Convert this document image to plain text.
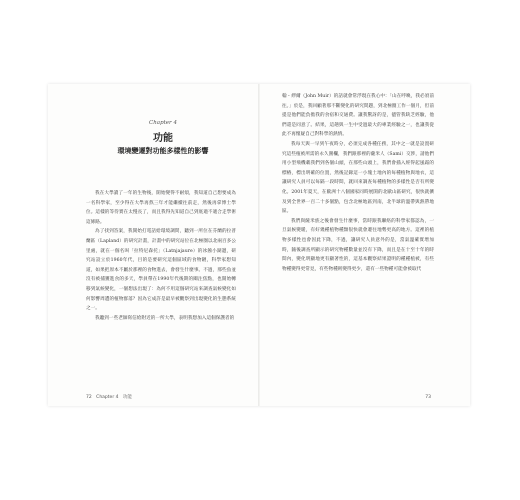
Chapter 4
功能
環境變遷對功能多樣性的影響

我在大學讀了一年的生物後，開始變得不耐煩，我知道自己想要成為一名科學家，至少得在大學再熬三年才能繼續往前走，然後再拿博士學位。這樣的等待實在太慢長了，而且我得先知道自己到底適不適合走學術這條路。

為了找到答案，我開始打電話給環境調問，聽到一所位在芬蘭的拉普蘭區（Lapland）的研究計畫，計畫中的研究站位在北極圈以北兩百多公里處，就在一個名叫「拉特尼森托」（Latnjajaure）的冰蝕小湖邊，研究站設立於1960年代，目的是要研究這個區域的食物鏈，科學家想知道，如果把原本不屬於那裡的食物進去，會發生什麼事。不過，那些魚並沒有被捕獲進食的多天，學員帶在1990年代後期的關注焦點，也開始轉移到氣候變化，一個想法出現了：為何不用這個研究站來調查氣候變化如何影響周遭的植物群落？因為它成許是最早被觀察到出現變化的生態系統之一。

我聽到一些老師寫信給附近的一所大學，表明我想加入這個保護者的

72 Chapter 4 功能

翰・繆爾（John Muir）的話就會常浮現在我心中：「山在呼喚，我必須前往。」於是，我回顧著那不斷變化的研究問題，到北極圈工作一個月，但前提是他們能負擔我的食宿和交通費。讓我驚訝的是，儘管我缺乏經驗，他們還是同意了。結果，這趟與一生中受過最大的專業經驗之一，也讓我從此不再懷疑自己對科學的熱情。

我每天與一早到午夜時分，必須完成各種任務，其中之一就是設置研究這些植被所需的永久圍欄，我們跟那裡的薩米人（Sami）交涉，請他們用小型飛機載我們到各個山頭，在那些山頭上，我們會插入經得起風霜的標樁，標出明確的位置，然後記錄這一小塊土地內的每種植物與地衣，這讓研究人員可以每隔一段時間，就回來調查每種植物的多樣性是否有所變化。2001年夏天，在歐洲十八個國家同時展開的北歐山區研究，很快就擴及到全世界一百二十多個點，包含北極地區到南，北半球的溫帶與熱帶地區。

我們與薩米族之後會發生什麼事，當時跟我聯絡的科學家都認為，一旦氣候變暖，有好幾種植物種類很快就會遷往地勢更高的地方。這裡的植物多樣性也會因此下降，不過，讓研究人員意外的是，當氣溫確實增加時，隨後調查所顯示的研究物種數量並沒有下降，而且是在十至十年的時間內，變化明顯地更有顯著性的，這基本觀察結果證明的種種植被，有些物種變得更常見，有些物種則變得更少，還有一些物種可能會被取代

73
